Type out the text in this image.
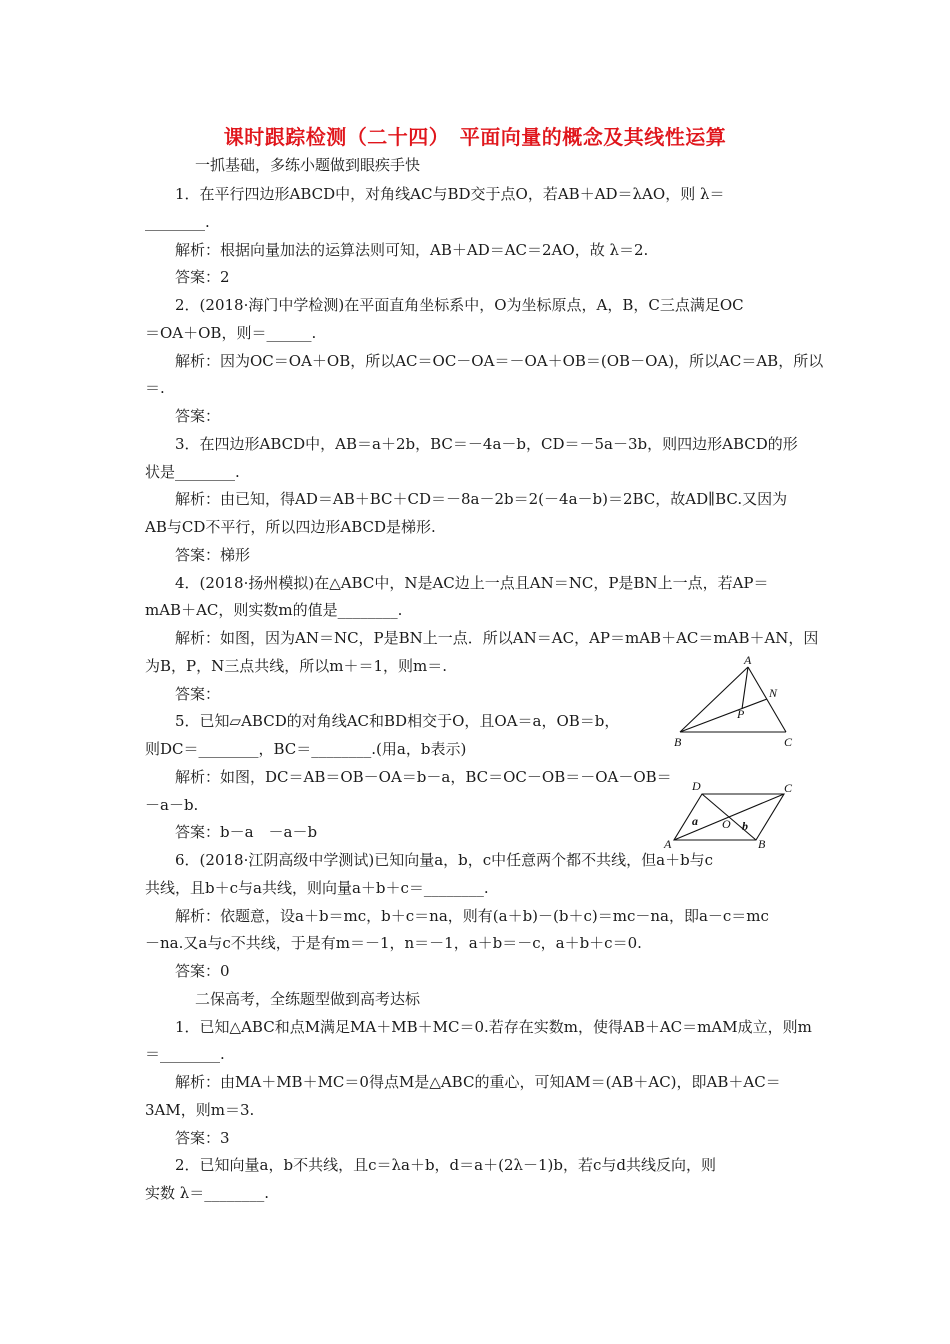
课时跟踪检测（二十四）　平面向量的概念及其线性运算
一抓基础，多练小题做到眼疾手快
1．在平行四边形ABCD中，对角线AC与BD交于点O，若AB＋AD＝λAO，则 λ＝
________.
解析：根据向量加法的运算法则可知，AB＋AD＝AC＝2AO，故 λ＝2.
答案：2
2．(2018·海门中学检测)在平面直角坐标系中，O为坐标原点，A，B，C三点满足OC
＝OA＋OB，则＝______.
解析：因为OC＝OA＋OB，所以AC＝OC－OA＝－OA＋OB＝(OB－OA)，所以AC＝AB，所以
＝.
答案：
3．在四边形ABCD中，AB＝a＋2b，BC＝－4a－b，CD＝－5a－3b，则四边形ABCD的形
状是________.
解析：由已知，得AD＝AB＋BC＋CD＝－8a－2b＝2(－4a－b)＝2BC，故AD∥BC.又因为
AB与CD不平行，所以四边形ABCD是梯形.
答案：梯形
4．(2018·扬州模拟)在△ABC中，N是AC边上一点且AN＝NC，P是BN上一点，若AP＝
mAB＋AC，则实数m的值是________.
解析：如图，因为AN＝NC，P是BN上一点．所以AN＝AC，AP＝mAB＋AC＝mAB＋AN，因
为B，P，N三点共线，所以m＋＝1，则m＝.
答案：
5．已知▱ABCD的对角线AC和BD相交于O，且OA＝a，OB＝b，
则DC＝________，BC＝________.(用a，b表示)
解析：如图，DC＝AB＝OB－OA＝b－a，BC＝OC－OB＝－OA－OB＝
－a－b.
答案：b－a　－a－b
6．(2018·江阴高级中学测试)已知向量a，b，c中任意两个都不共线，但a＋b与c
共线，且b＋c与a共线，则向量a＋b＋c＝________.
解析：依题意，设a＋b＝mc，b＋c＝na，则有(a＋b)－(b＋c)＝mc－na，即a－c＝mc
－na.又a与c不共线，于是有m＝－1，n＝－1，a＋b＝－c，a＋b＋c＝0.
答案：0
二保高考，全练题型做到高考达标
1．已知△ABC和点M满足MA＋MB＋MC＝0.若存在实数m，使得AB＋AC＝mAM成立，则m
＝________.
解析：由MA＋MB＋MC＝0得点M是△ABC的重心，可知AM＝(AB＋AC)，即AB＋AC＝
3AM，则m＝3.
答案：3
2．已知向量a，b不共线，且c＝λa＋b，d＝a＋(2λ－1)b，若c与d共线反向，则
实数 λ＝________.
A
N
P
B	C
D	C
A	B
O
a	b
